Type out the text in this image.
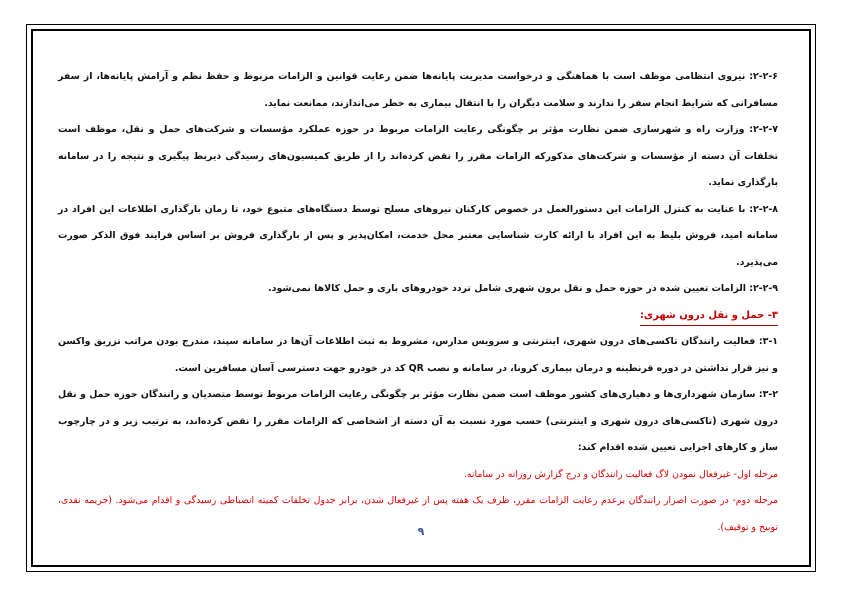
۲-۲-۶: نیروی انتظامی موظف است با هماهنگی و درخواست مدیریت پایانه‌ها ضمن رعایت قوانین و الزامات مربوط و حفظ نظم و آرامش پایانه‌ها، از سفر مسافرانی که شرایط انجام سفر را ندارند و سلامت دیگران را با انتقال بیماری به خطر می‌اندازند، ممانعت نماید.

۲-۲-۷: وزارت راه و شهرسازی ضمن نظارت مؤثر بر چگونگی رعایت الزامات مربوط در حوزه عملکرد مؤسسات و شرکت‌های حمل و نقل، موظف است تخلفات آن دسته از مؤسسات و شرکت‌های مذکورکه الزامات مقرر را نقض کرده‌اند را از طریق کمیسیون‌های رسیدگی ذیربط پیگیری و نتیجه را در سامانه بارگذاری نماید.

۲-۲-۸: با عنایت به کنترل الزامات این دستورالعمل در خصوص کارکنان نیروهای مسلح توسط دستگاه‌های متبوع خود، تا زمان بارگذاری اطلاعات این افراد در سامانه امید، فروش بلیط به این افراد با ارائه کارت شناسایی معتبر محل خدمت، امکان‌پذیر و پس از بارگذاری فروش بر اساس فرایند فوق الذکر صورت می‌پذیرد.

۲-۲-۹: الزامات تعیین شده در حوزه حمل و نقل برون شهری شامل تردد خودروهای باری و حمل کالاها نمی‌شود.

۳- حمل و نقل درون شهری:

۳-۱: فعالیت رانندگان تاکسی‌های درون شهری، اینترنتی و سرویس مدارس، مشروط به ثبت اطلاعات آن‌ها در سامانه سپند، مندرج بودن مراتب تزریق واکسن و نیز قرار نداشتن در دوره قرنطینه و درمان بیماری کرونا، در سامانه و نصب QR کد در خودرو جهت دسترسی آسان مسافرین است.

۳-۲: سازمان شهرداری‌ها و دهیاری‌های کشور موظف است ضمن نظارت مؤثر بر چگونگی رعایت الزامات مربوط توسط متصدیان و رانندگان حوزه حمل و نقل درون شهری (تاکسی‌های درون شهری و اینترنتی) حسب مورد نسبت به آن دسته از اشخاصی که الزامات مقرر را نقض کرده‌اند، به ترتیب زیر و در چارچوب ساز و کارهای اجرایی تعیین شده اقدام کند:

مرحله اول- غیرفعال نمودن لاگ فعالیت رانندگان و درج گزارش روزانه در سامانه.

مرحله دوم- در صورت اصرار رانندگان برعدم رعایت الزامات مقرر، ظرف یک هفته پس از غیرفعال شدن، برابر جدول تخلفات کمیته انضباطی رسیدگی و اقدام می‌شود. (جریمه نقدی، توبیخ و توقیف).

۹
